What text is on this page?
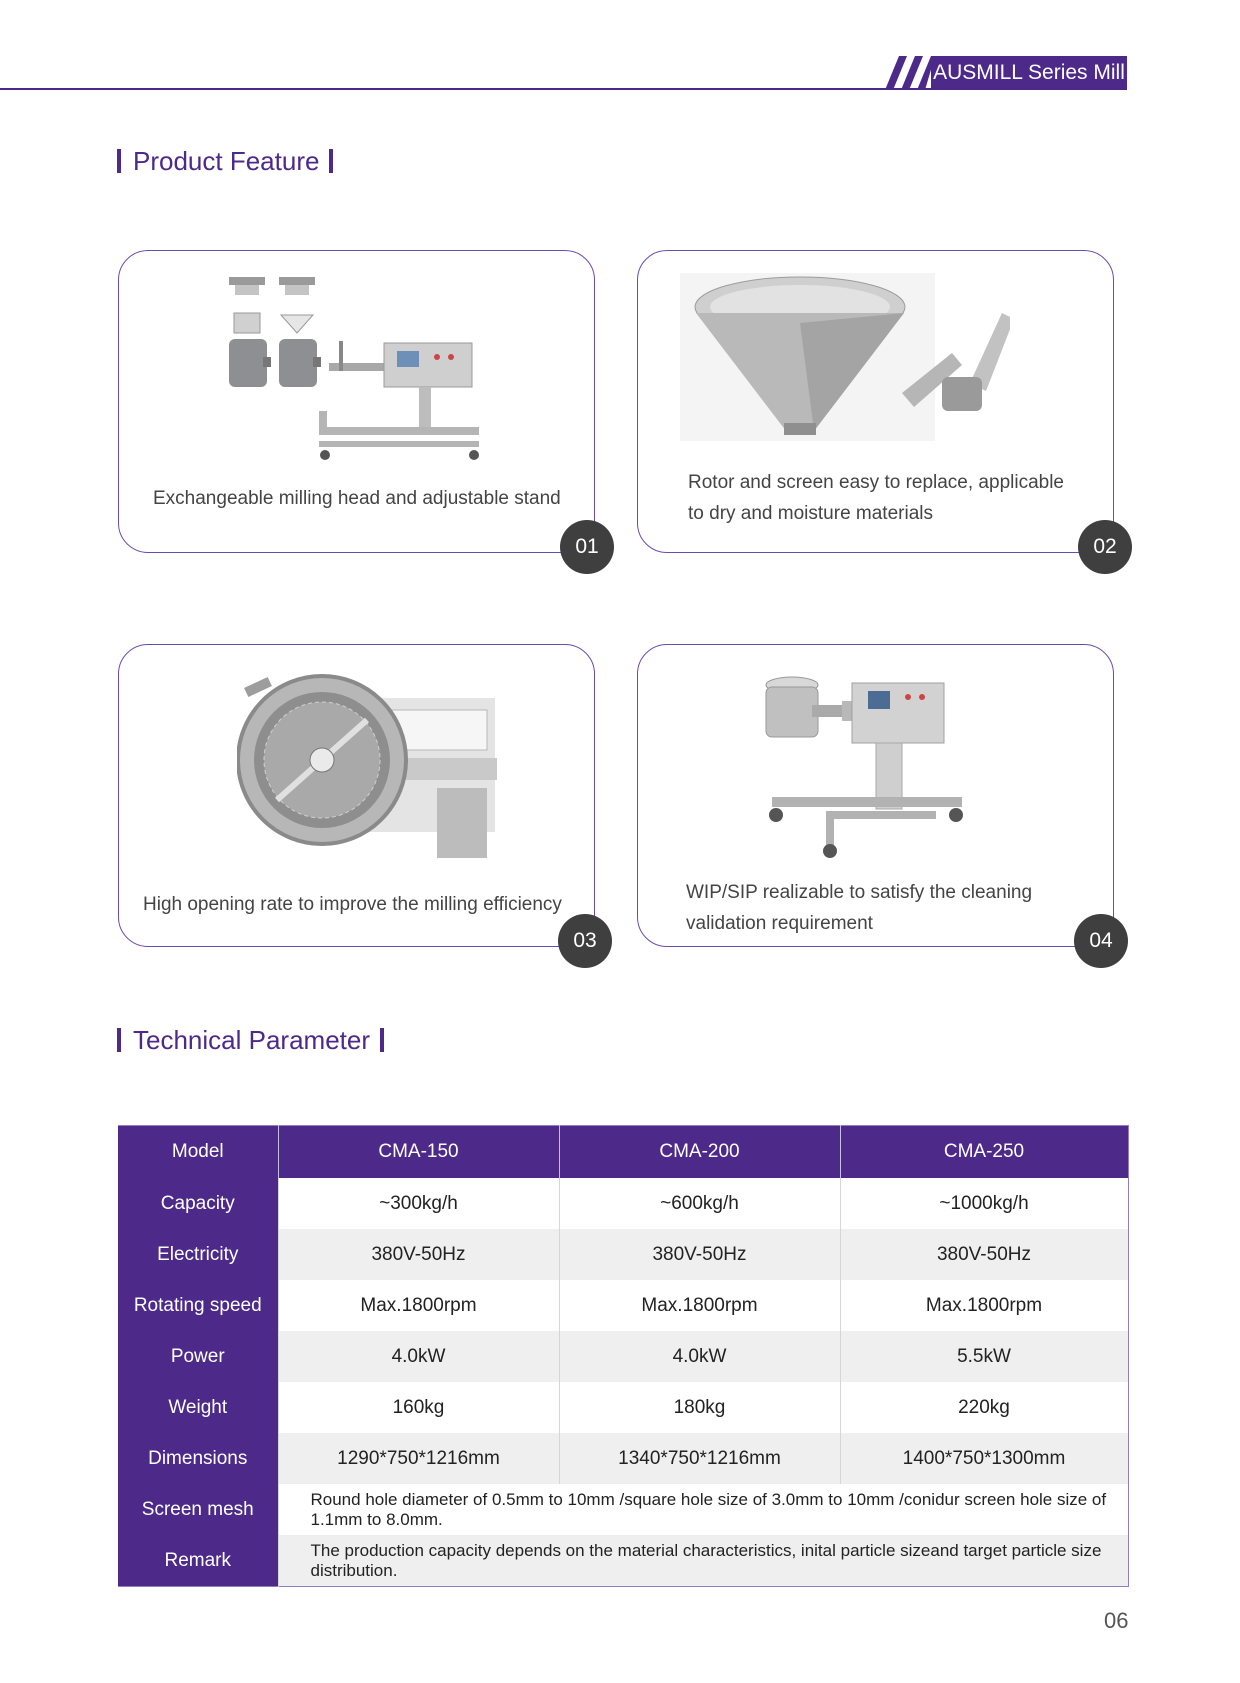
AUSMILL Series Mill
Product Feature
Exchangeable milling head and adjustable stand
01
Rotor and screen easy to replace, applicable
to dry and moisture materials
02
High opening rate to improve the milling efficiency
03
WIP/SIP realizable to satisfy the cleaning
validation requirement
04
Technical Parameter
Model	CMA-150	CMA-200	CMA-250
Capacity	~300kg/h	~600kg/h	~1000kg/h
Electricity	380V-50Hz	380V-50Hz	380V-50Hz
Rotating speed	Max.1800rpm	Max.1800rpm	Max.1800rpm
Power	4.0kW	4.0kW	5.5kW
Weight	160kg	180kg	220kg
Dimensions	1290*750*1216mm	1340*750*1216mm	1400*750*1300mm
Screen mesh	Round hole diameter of 0.5mm to 10mm /square hole size of 3.0mm to 10mm /conidur screen hole size of 1.1mm to 8.0mm.		
Remark	The production capacity depends on the material characteristics, inital particle sizeand target particle size distribution.		
06
